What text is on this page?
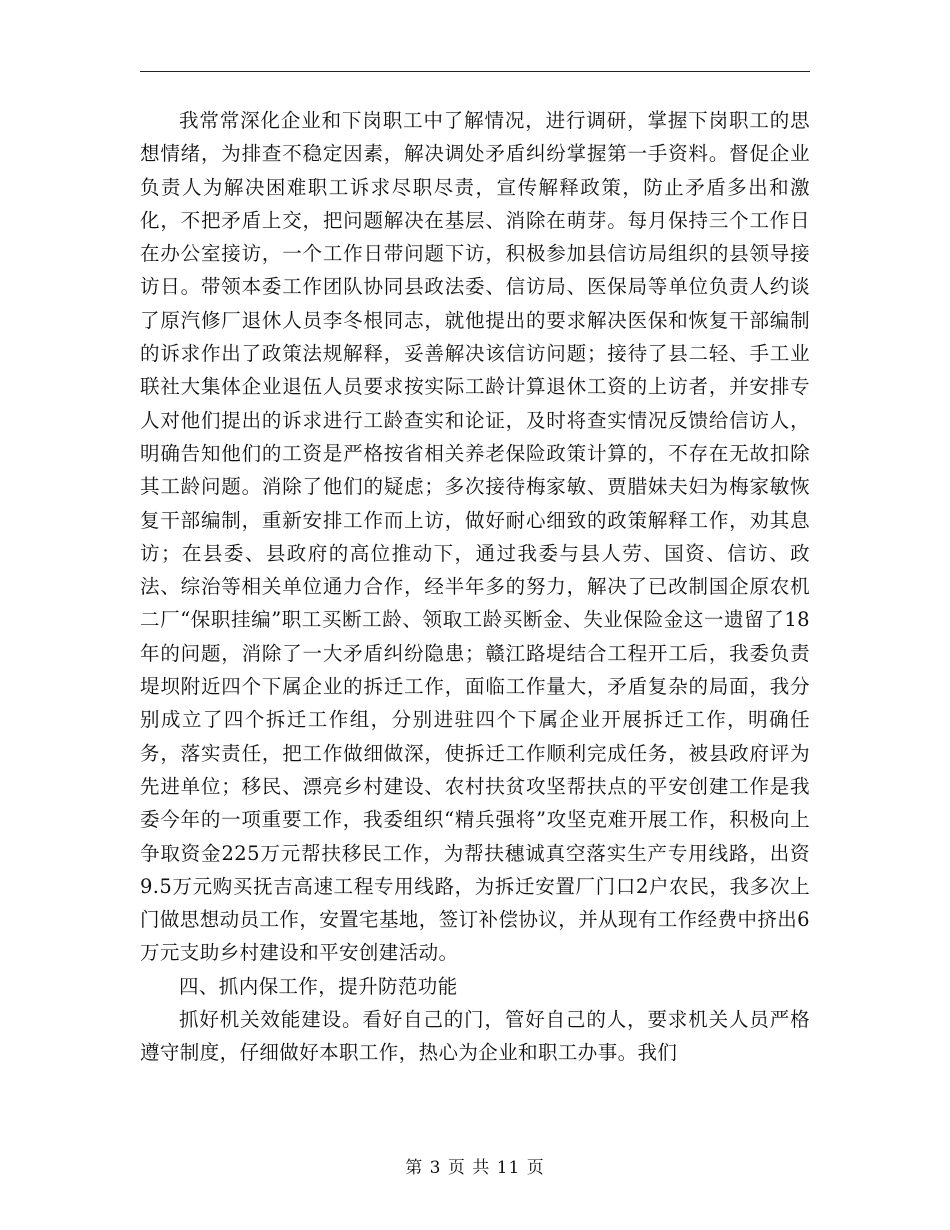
我常常深化企业和下岗职工中了解情况，进行调研，掌握下岗职工的思想情绪，为排查不稳定因素，解决调处矛盾纠纷掌握第一手资料。督促企业负责人为解决困难职工诉求尽职尽责，宣传解释政策，防止矛盾多出和激化，不把矛盾上交，把问题解决在基层、消除在萌芽。每月保持三个工作日在办公室接访，一个工作日带问题下访，积极参加县信访局组织的县领导接访日。带领本委工作团队协同县政法委、信访局、医保局等单位负责人约谈了原汽修厂退休人员李冬根同志，就他提出的要求解决医保和恢复干部编制的诉求作出了政策法规解释，妥善解决该信访问题；接待了县二轻、手工业联社大集体企业退伍人员要求按实际工龄计算退休工资的上访者，并安排专人对他们提出的诉求进行工龄查实和论证，及时将查实情况反馈给信访人，明确告知他们的工资是严格按省相关养老保险政策计算的，不存在无故扣除其工龄问题。消除了他们的疑虑；多次接待梅家敏、贾腊妹夫妇为梅家敏恢复干部编制，重新安排工作而上访，做好耐心细致的政策解释工作，劝其息访；在县委、县政府的高位推动下，通过我委与县人劳、国资、信访、政法、综治等相关单位通力合作，经半年多的努力，解决了已改制国企原农机二厂“保职挂编”职工买断工龄、领取工龄买断金、失业保险金这一遗留了18年的问题，消除了一大矛盾纠纷隐患；赣江路堤结合工程开工后，我委负责堤坝附近四个下属企业的拆迁工作，面临工作量大，矛盾复杂的局面，我分别成立了四个拆迁工作组，分别进驻四个下属企业开展拆迁工作，明确任务，落实责任，把工作做细做深，使拆迁工作顺利完成任务，被县政府评为先进单位；移民、漂亮乡村建设、农村扶贫攻坚帮扶点的平安创建工作是我委今年的一项重要工作，我委组织“精兵强将”攻坚克难开展工作，积极向上争取资金225万元帮扶移民工作，为帮扶穗诚真空落实生产专用线路，出资9.5万元购买抚吉高速工程专用线路，为拆迁安置厂门口2户农民，我多次上门做思想动员工作，安置宅基地，签订补偿协议，并从现有工作经费中挤出6万元支助乡村建设和平安创建活动。

四、抓内保工作，提升防范功能

抓好机关效能建设。看好自己的门，管好自己的人，要求机关人员严格遵守制度，仔细做好本职工作，热心为企业和职工办事。我们

第 3 页 共 11 页
